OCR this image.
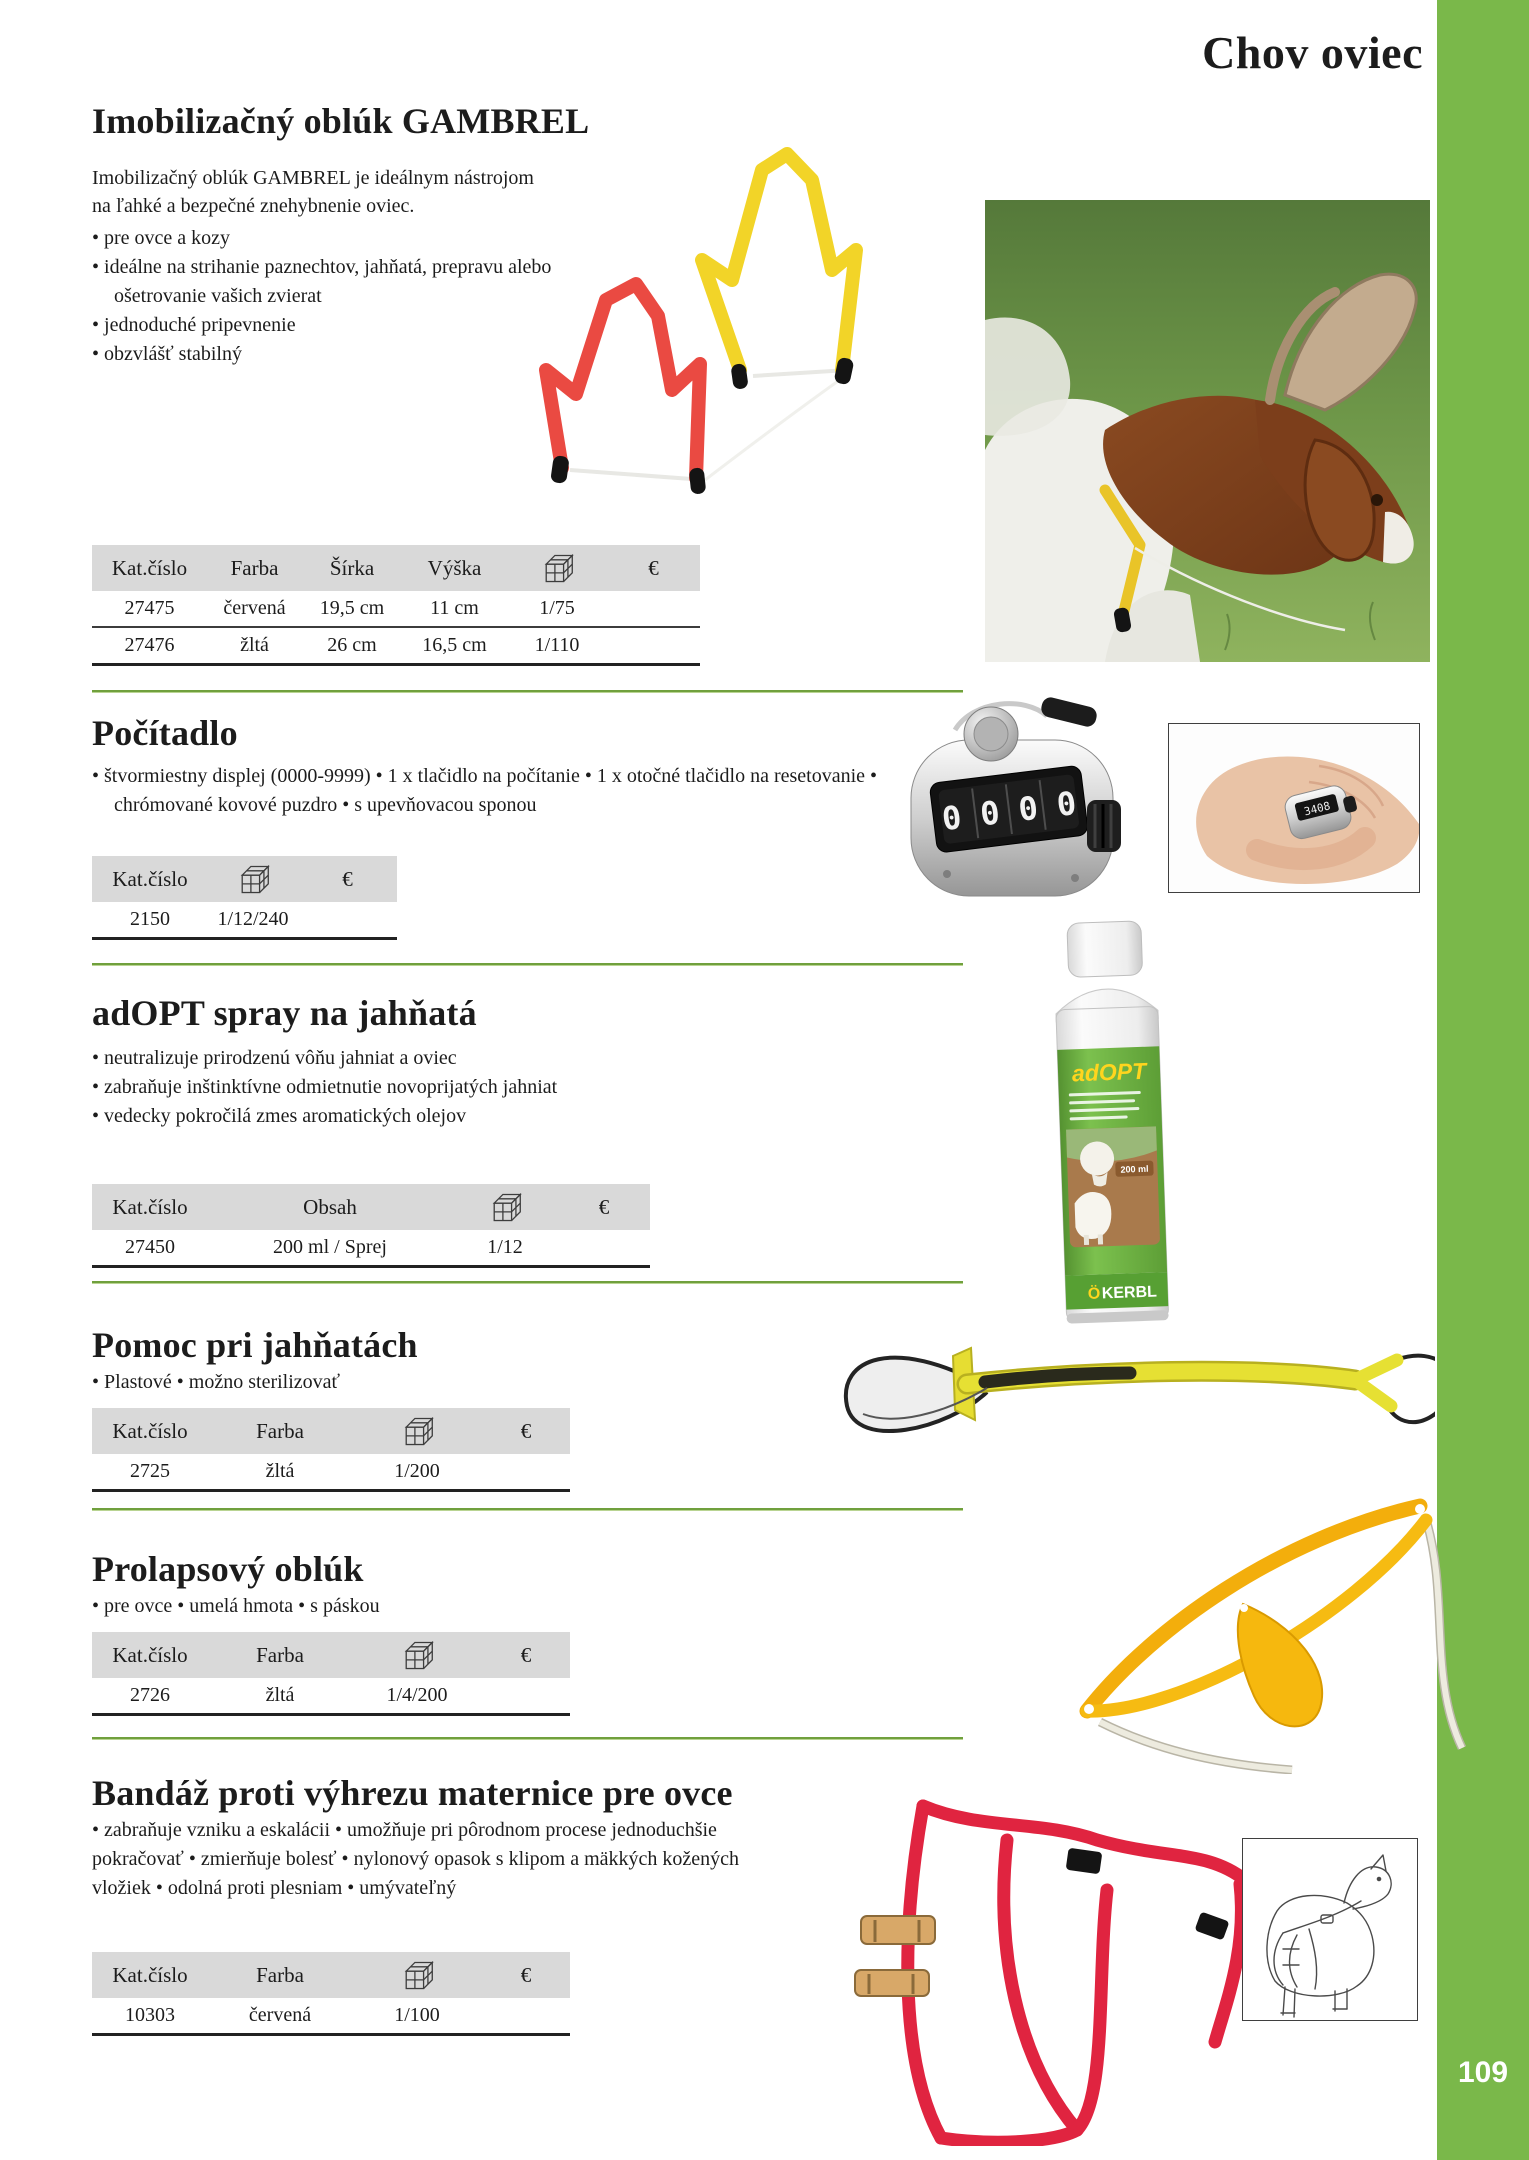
109
Chov oviec
Imobilizačný oblúk GAMBREL
Imobilizačný oblúk GAMBREL je ideálnym nástrojom na ľahké a bezpečné znehybnenie oviec.
• pre ovce a kozy
• ideálne na strihanie paznechtov, jahňatá, prepravu alebo ošetrovanie vašich zvierat
• jednoduché pripevnenie
• obzvlášť stabilný
Kat.číslo	Farba	Šírka	Výška		€
27475	červená	19,5 cm	11 cm	1/75	
27476	žltá	26 cm	16,5 cm	1/110	
Počítadlo
• štvormiestny displej (0000-9999) • 1 x tlačidlo na počítanie • 1 x otočné tlačidlo na resetovanie • chrómované kovové puzdro • s upevňovacou sponou
Kat.číslo		€
2150	1/12/240	
0 0 0 0	3408
adOPT spray na jahňatá
• neutralizuje prirodzenú vôňu jahniat a oviec
• zabraňuje inštinktívne odmietnutie novoprijatých jahniat
• vedecky pokročilá zmes aromatických olejov
Kat.číslo	Obsah		€
27450	200 ml / Sprej	1/12	
adOPT
200 ml
Ö KERBL
Pomoc pri jahňatách
• Plastové • možno sterilizovať
Kat.číslo	Farba		€
2725	žltá	1/200	
Prolapsový oblúk
• pre ovce • umelá hmota • s páskou
Kat.číslo	Farba		€
2726	žltá	1/4/200	
Bandáž proti výhrezu maternice pre ovce
• zabraňuje vzniku a eskalácii • umožňuje pri pôrodnom procese jednoduchšie pokračovať • zmierňuje bolesť • nylonový opasok s klipom a mäkkých kožených vložiek • odolná proti plesniam • umývateľný
Kat.číslo	Farba		€
10303	červená	1/100	
